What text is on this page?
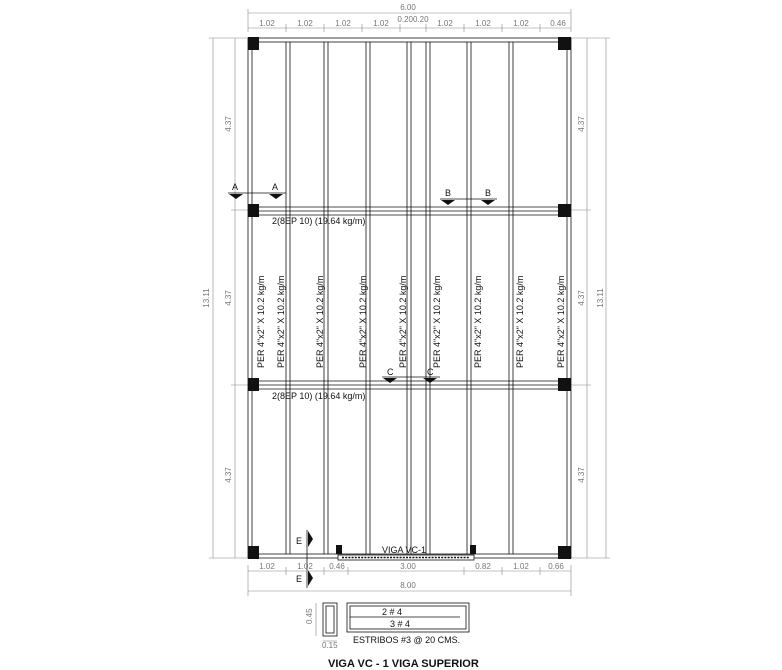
6.00
1.02	1.02	1.02	1.02 0.200.20 1.02	1.02	1.02	0.46
13.11
4.37
4.37
4.37
4.37
4.37
4.37
13.11
VIGA VC-1
PER 4"x2" X 10.2 kg/m PER 4"x2" X 10.2 kg/m	PER 4"x2" X 10.2 kg/m	PER 4"x2" X 10.2 kg/m	PER 4"x2" X 10.2 kg/m	PER 4"x2" X 10.2 kg/m	PER 4"x2" X 10.2 kg/m	PER 4"x2" X 10.2 kg/m	PER 4"x2" X 10.2 kg/m
2(8EP 10) (19.64 kg/m)
2(8EP 10) (19.64 kg/m)
A	A
B	B
C	C
E
E
1.02	1.02 0.46	3.00	0.82	1.02 0.66
8.00
0.45
0.15
2 # 4
3 # 4
ESTRIBOS #3 @ 20 CMS.
VIGA VC - 1 VIGA SUPERIOR
